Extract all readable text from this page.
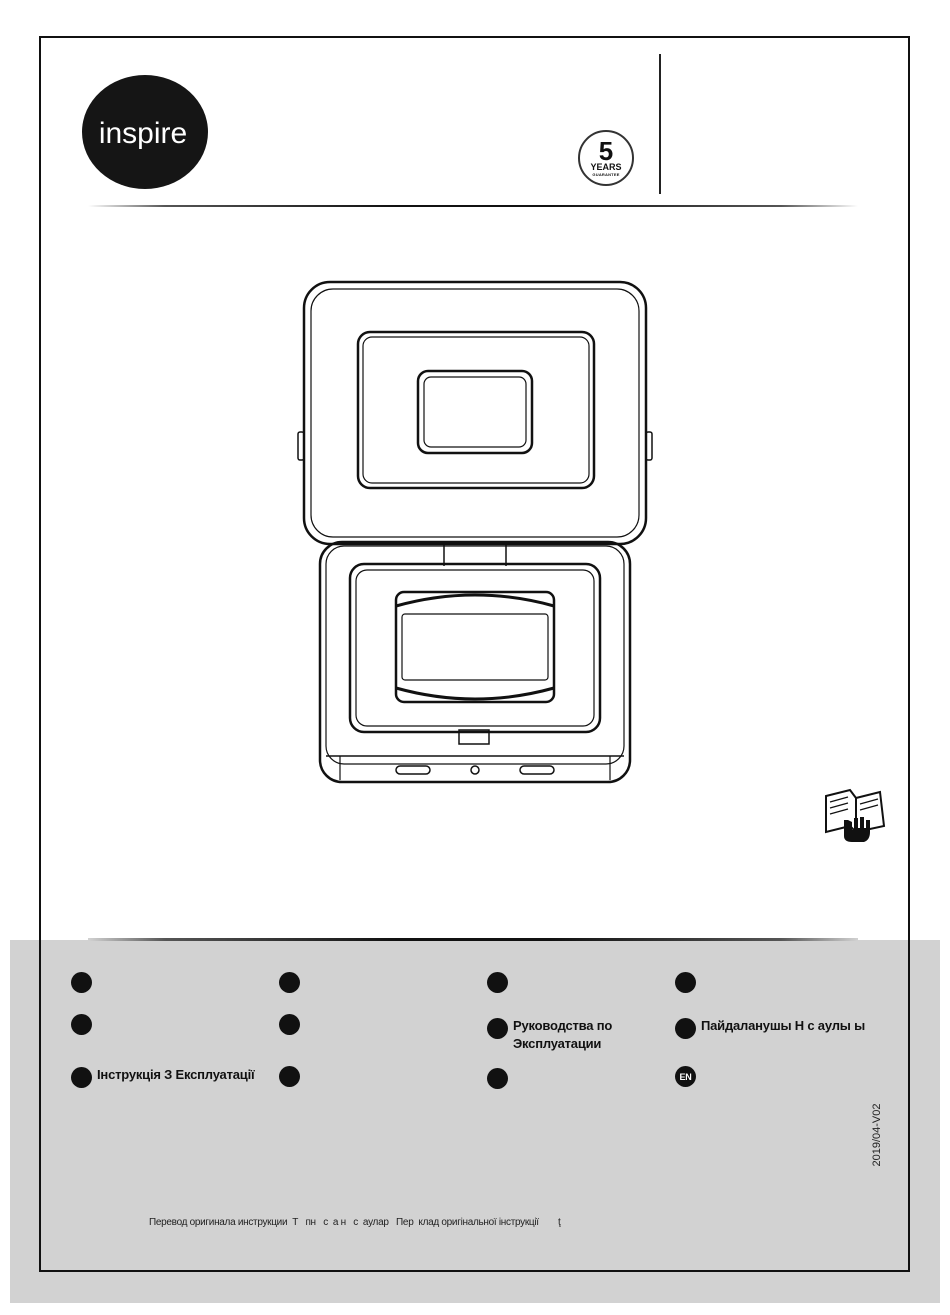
inspire
5
YEARS
GUARANTEE
Руководства по Эксплуатации
Пайдаланушы Н с аулы ы
Інструкція З Експлуатації	EN
2019/04-V02
Перевод оригинала инструкции  Т   пн   с  а н   с  аулар   Пер  клад оригінальної інструкції ţ
